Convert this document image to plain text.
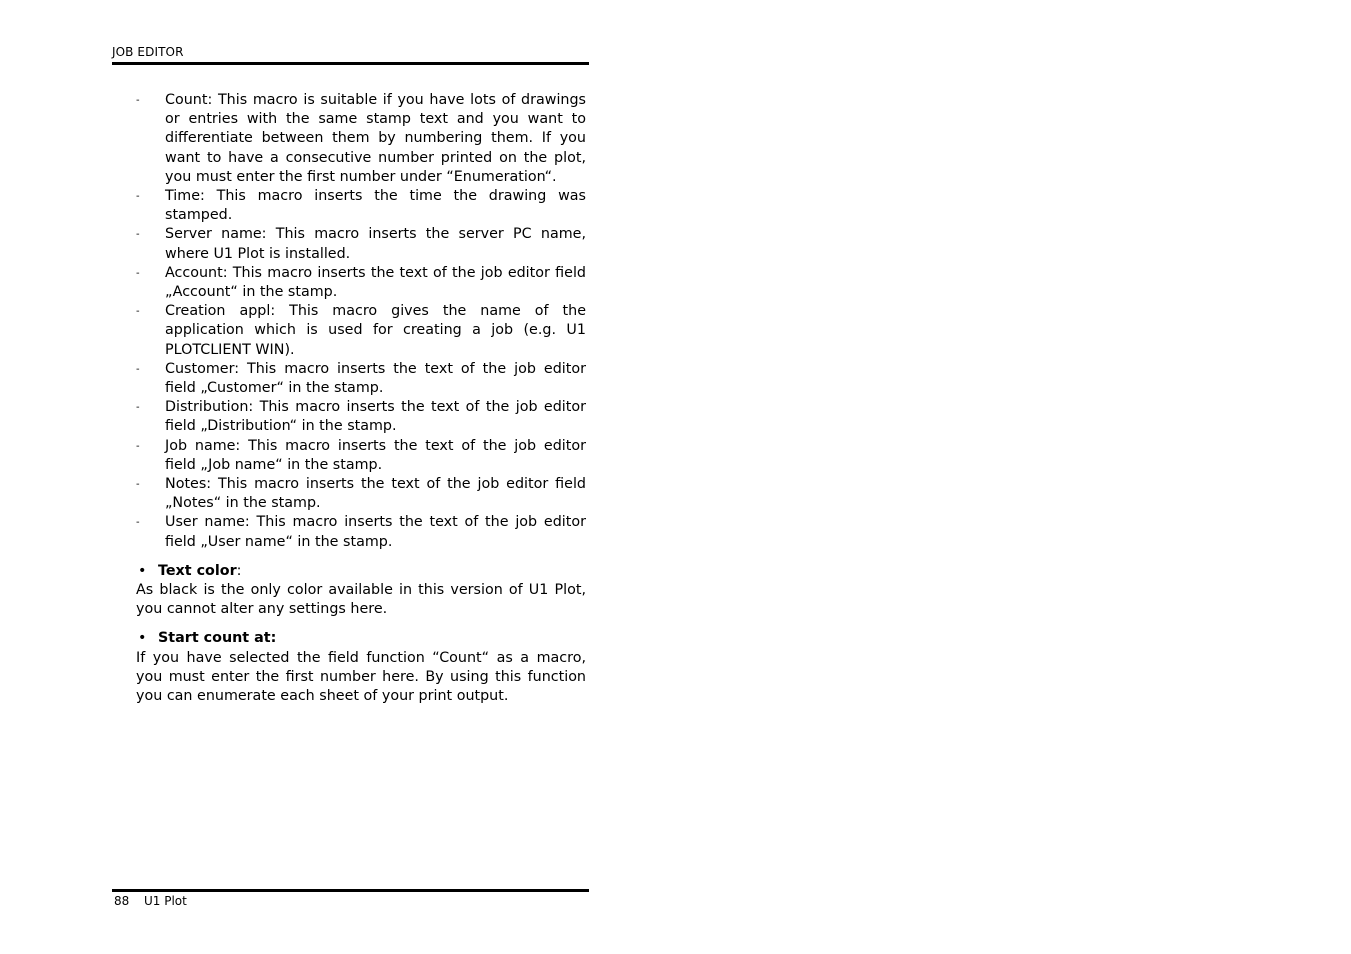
JOB EDITOR
- Count: This macro is suitable if you have lots of drawings or entries with the same stamp text and you want to differentiate between them by numbering them. If you want to have a consecutive number printed on the plot, you must enter the first number under “Enumeration“.
- Time: This macro inserts the time the drawing was stamped.
- Server name: This macro inserts the server PC name, where U1 Plot is installed.
- Account: This macro inserts the text of the job editor field „Account“ in the stamp.
- Creation appl: This macro gives the name of the application which is used for creating a job (e.g. U1 PLOTCLIENT WIN).
- Customer: This macro inserts the text of the job editor field „Customer“ in the stamp.
- Distribution: This macro inserts the text of the job editor field „Distribution“ in the stamp.
- Job name: This macro inserts the text of the job editor field „Job name“ in the stamp.
- Notes: This macro inserts the text of the job editor field „Notes“ in the stamp.
- User name: This macro inserts the text of the job editor field „User name“ in the stamp.
• Text color:
As black is the only color available in this version of U1 Plot, you cannot alter any settings here.
• Start count at:
If you have selected the field function “Count“ as a macro, you must enter the first number here. By using this function you can enumerate each sheet of your print output.
88 U1 Plot
